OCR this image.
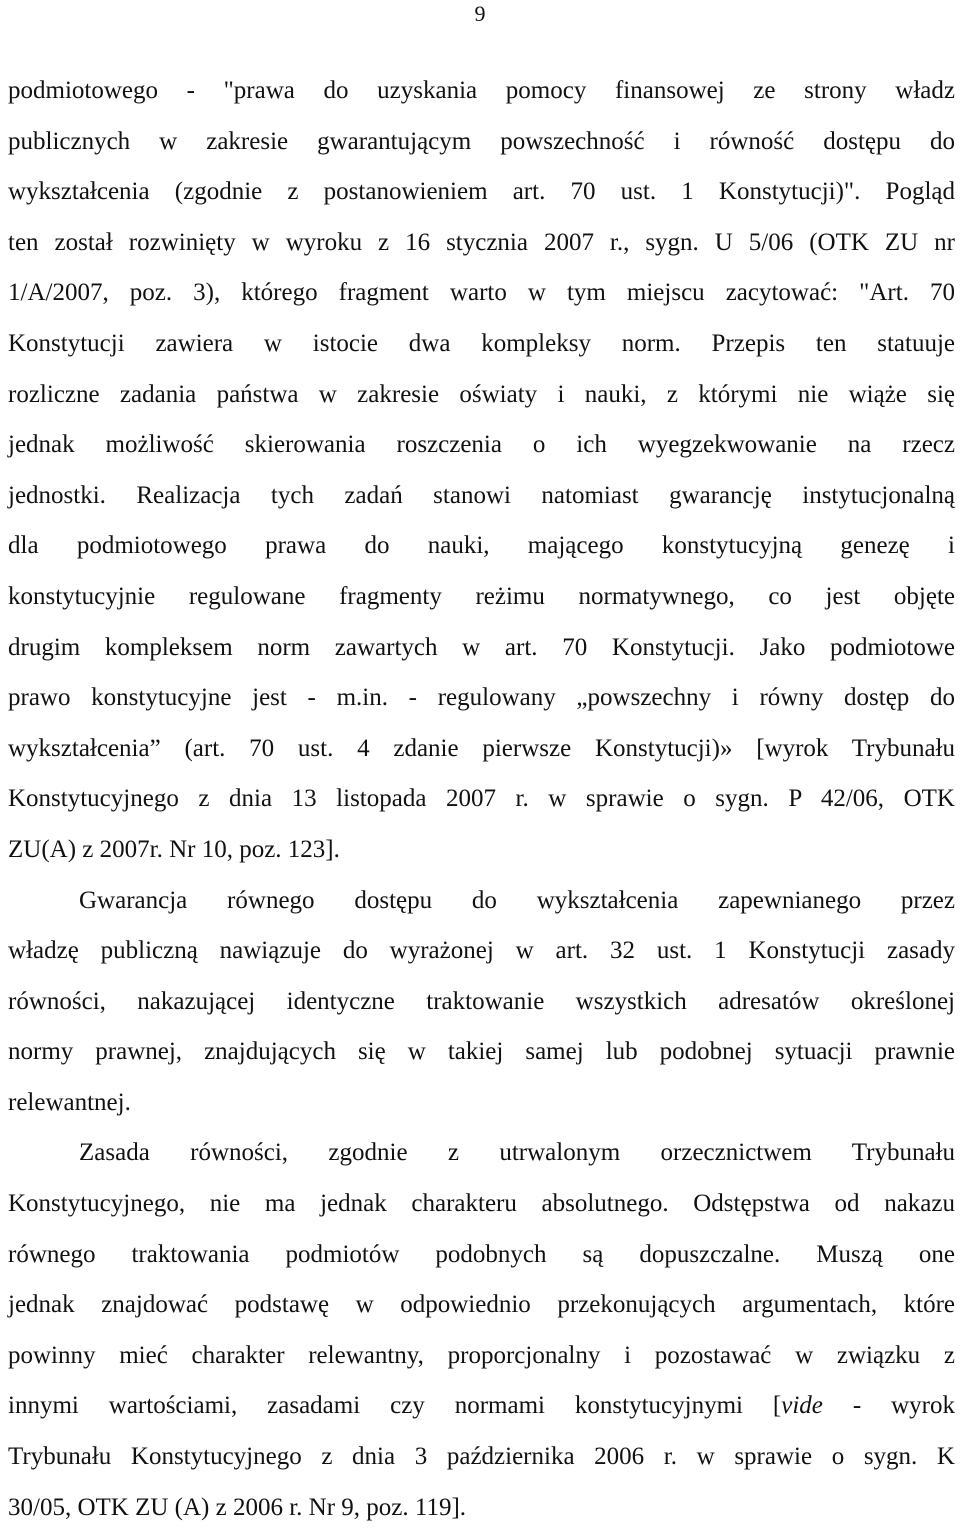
9
podmiotowego - "prawa do uzyskania pomocy finansowej ze strony władz
publicznych w zakresie gwarantującym powszechność i równość dostępu do
wykształcenia (zgodnie z postanowieniem art. 70 ust. 1 Konstytucji)". Pogląd
ten został rozwinięty w wyroku z 16 stycznia 2007 r., sygn. U 5/06 (OTK ZU nr
1/A/2007, poz. 3), którego fragment warto w tym miejscu zacytować: "Art. 70
Konstytucji zawiera w istocie dwa kompleksy norm. Przepis ten statuuje
rozliczne zadania państwa w zakresie oświaty i nauki, z którymi nie wiąże się
jednak możliwość skierowania roszczenia o ich wyegzekwowanie na rzecz
jednostki. Realizacja tych zadań stanowi natomiast gwarancję instytucjonalną
dla podmiotowego prawa do nauki, mającego konstytucyjną genezę i
konstytucyjnie regulowane fragmenty reżimu normatywnego, co jest objęte
drugim kompleksem norm zawartych w art. 70 Konstytucji. Jako podmiotowe
prawo konstytucyjne jest - m.in. - regulowany „powszechny i równy dostęp do
wykształcenia” (art. 70 ust. 4 zdanie pierwsze Konstytucji)» [wyrok Trybunału
Konstytucyjnego z dnia 13 listopada 2007 r. w sprawie o sygn. P 42/06, OTK
ZU(A) z 2007r. Nr 10, poz. 123].
Gwarancja równego dostępu do wykształcenia zapewnianego przez
władzę publiczną nawiązuje do wyrażonej w art. 32 ust. 1 Konstytucji zasady
równości, nakazującej identyczne traktowanie wszystkich adresatów określonej
normy prawnej, znajdujących się w takiej samej lub podobnej sytuacji prawnie
relewantnej.
Zasada równości, zgodnie z utrwalonym orzecznictwem Trybunału
Konstytucyjnego, nie ma jednak charakteru absolutnego. Odstępstwa od nakazu
równego traktowania podmiotów podobnych są dopuszczalne. Muszą one
jednak znajdować podstawę w odpowiednio przekonujących argumentach, które
powinny mieć charakter relewantny, proporcjonalny i pozostawać w związku z
innymi wartościami, zasadami czy normami konstytucyjnymi [vide - wyrok
Trybunału Konstytucyjnego z dnia 3 października 2006 r. w sprawie o sygn. K
30/05, OTK ZU (A) z 2006 r. Nr 9, poz. 119].
